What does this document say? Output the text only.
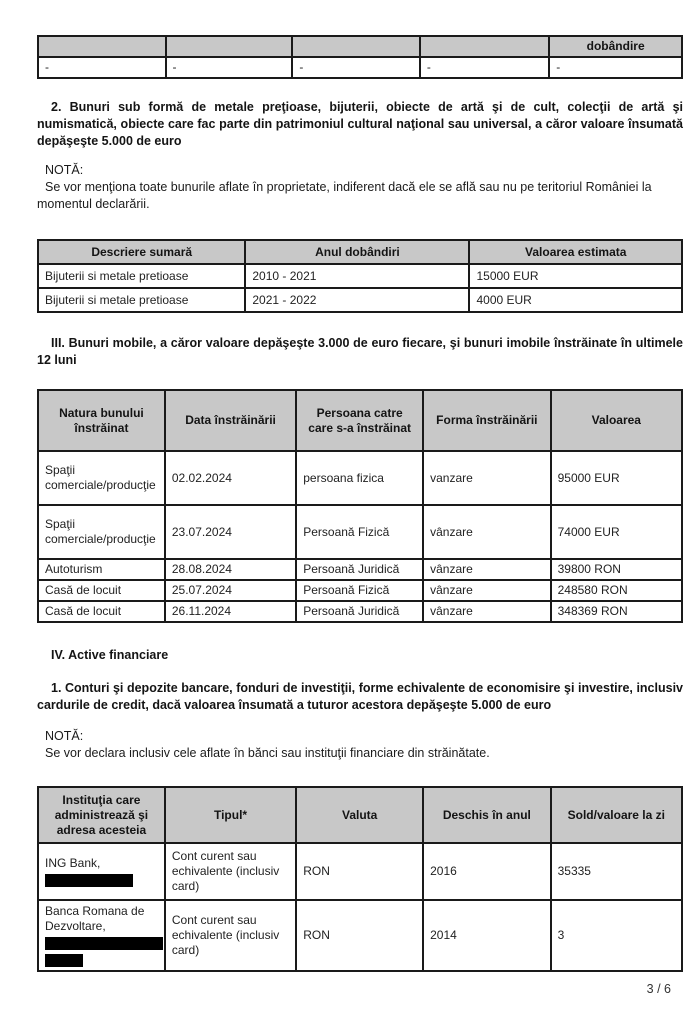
				dobândire
-	-	-	-	-

2. Bunuri sub formă de metale preţioase, bijuterii, obiecte de artă şi de cult, colecţii de artă şi numismatică, obiecte care fac parte din patrimoniul cultural naţional sau universal, a căror valoare însumată depăşeşte 5.000 de euro

NOTĂ:

Se vor menţiona toate bunurile aflate în proprietate, indiferent dacă ele se află sau nu pe teritoriul României la momentul declarării.

Descriere sumară	Anul dobândiri	Valoarea estimata
Bijuterii si metale pretioase	2010 - 2021	15000 EUR
Bijuterii si metale pretioase	2021 - 2022	4000 EUR

III. Bunuri mobile, a căror valoare depăşeşte 3.000 de euro fiecare, şi bunuri imobile înstrăinate în ultimele 12 luni

Natura bunului înstrăinat	Data înstrăinării	Persoana catre care s-a înstrăinat	Forma înstrăinării	Valoarea
Spaţii comerciale/producţie	02.02.2024	persoana fizica	vanzare	95000 EUR
Spaţii comerciale/producţie	23.07.2024	Persoană Fizică	vânzare	74000 EUR
Autoturism	28.08.2024	Persoană Juridică	vânzare	39800 RON
Casă de locuit	25.07.2024	Persoană Fizică	vânzare	248580 RON
Casă de locuit	26.11.2024	Persoană Juridică	vânzare	348369 RON

IV. Active financiare

1. Conturi şi depozite bancare, fonduri de investiţii, forme echivalente de economisire şi investire, inclusiv cardurile de credit, dacă valoarea însumată a tuturor acestora depăşeşte 5.000 de euro

NOTĂ:

Se vor declara inclusiv cele aflate în bănci sau instituţii financiare din străinătate.

Instituţia care administrează şi adresa acesteia	Tipul*	Valuta	Deschis în anul	Sold/valoare la zi
ING Bank,	Cont curent sau echivalente (inclusiv card)	RON	2016	35335
Banca Romana de Dezvoltare,	Cont curent sau echivalente (inclusiv card)	RON	2014	3
3 / 6
